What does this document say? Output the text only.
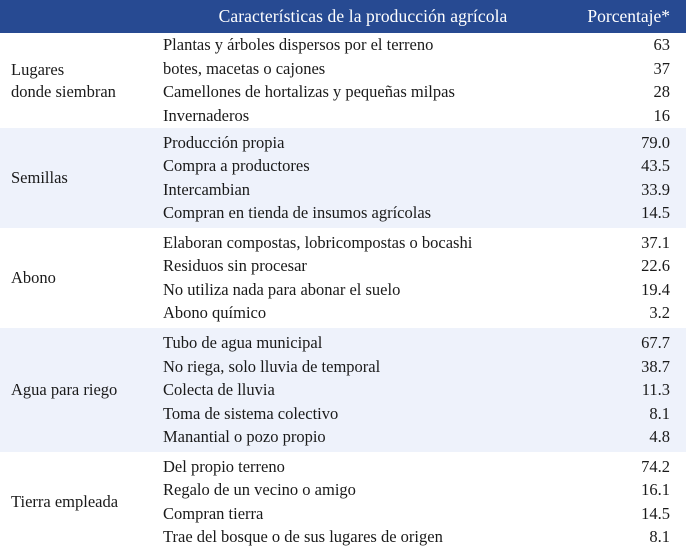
Características de la producción agrícola	Porcentaje*
Lugares
donde siembran
Plantas y árboles dispersos por el terreno	63
botes, macetas o cajones	37
Camellones de hortalizas y pequeñas milpas	28
Invernaderos	16
Semillas
Producción propia	79.0
Compra a productores	43.5
Intercambian	33.9
Compran en tienda de insumos agrícolas	14.5
Abono
Elaboran compostas, lobricompostas o bocashi	37.1
Residuos sin procesar	22.6
No utiliza nada para abonar el suelo	19.4
Abono químico	3.2
Agua para riego
Tubo de agua municipal	67.7
No riega, solo lluvia de temporal	38.7
Colecta de lluvia	11.3
Toma de sistema colectivo	8.1
Manantial o pozo propio	4.8
Tierra empleada
Del propio terreno	74.2
Regalo de un vecino o amigo	16.1
Compran tierra	14.5
Trae del bosque o de sus lugares de origen	8.1
